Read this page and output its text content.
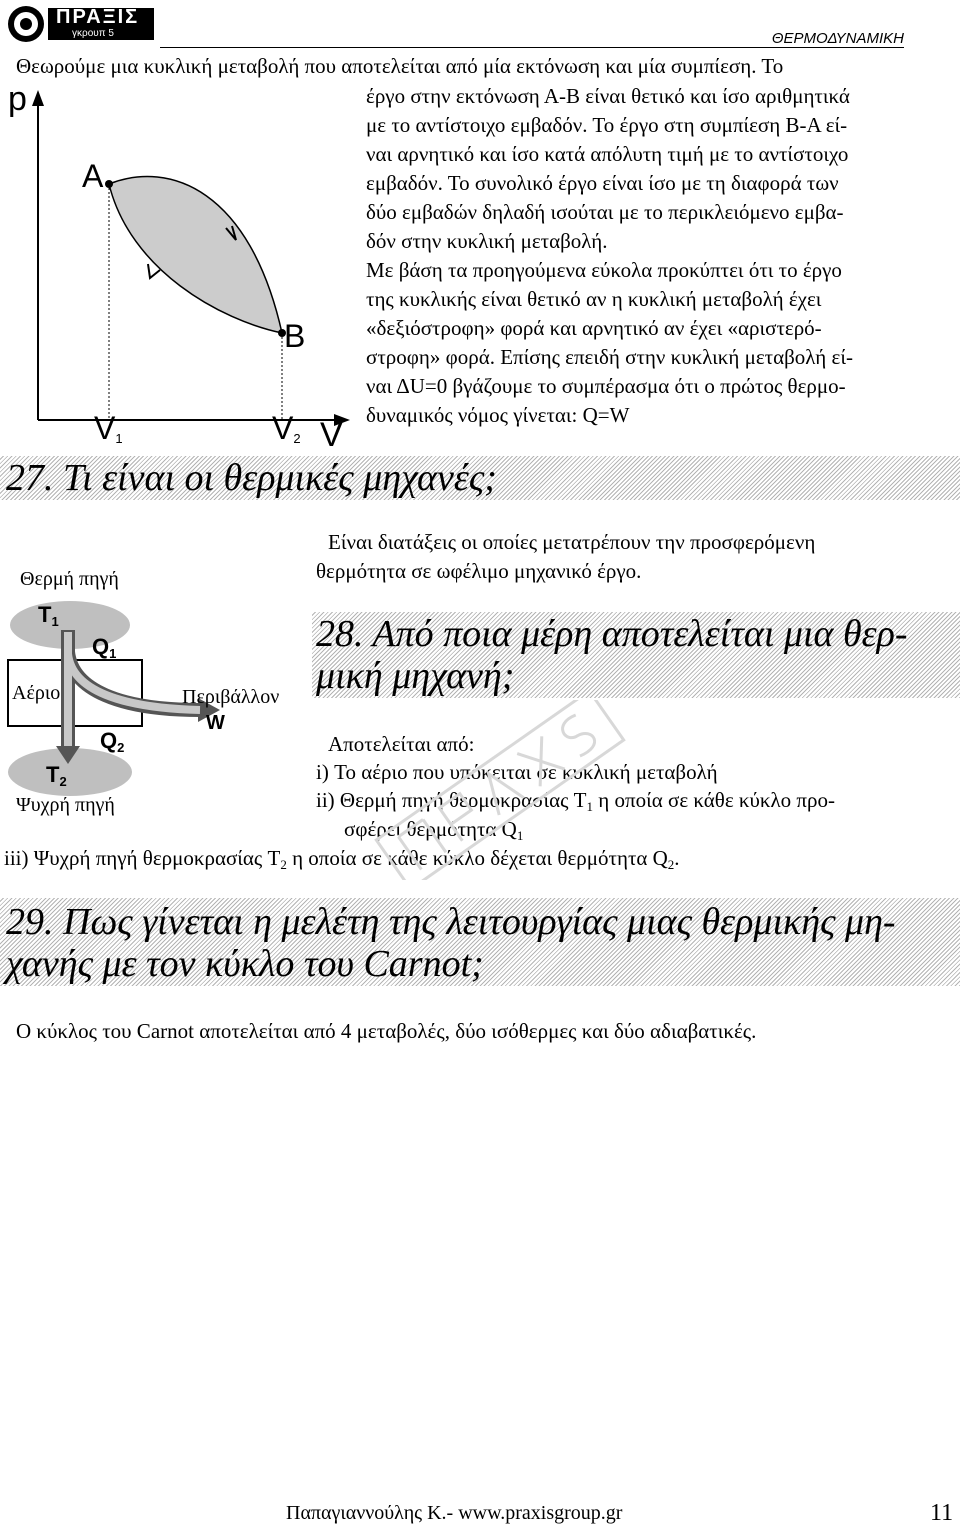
ΠΡΑΞΙΣ
γκρουπ 5	ΘΕΡΜΟΔΥΝΑΜΙΚΗ
Θεωρούμε μια κυκλική μεταβολή που αποτελείται από μία εκτόνωση και μία συμπίεση. Το
έργο στην εκτόνωση Α-Β είναι θετικό και ίσο αριθμητικά
με το αντίστοιχο εμβαδόν. Το έργο στη συμπίεση Β-Α εί-
ναι αρνητικό και ίσο κατά απόλυτη τιμή με το αντίστοιχο
εμβαδόν. Το συνολικό έργο είναι ίσο με τη διαφορά των
δύο εμβαδών δηλαδή ισούται με το περικλειόμενο εμβα-
δόν στην κυκλική μεταβολή.
Με βάση τα προηγούμενα εύκολα προκύπτει ότι το έργο
της κυκλικής είναι θετικό αν η κυκλική μεταβολή έχει
«δεξιόστροφη» φορά και αρνητικό αν έχει «αριστερό-
στροφη» φορά. Επίσης επειδή στην κυκλική μεταβολή εί-
ναι ΔU=0 βγάζουμε το συμπέρασμα ότι ο πρώτος θερμο-
δυναμικός νόμος γίνεται: Q=W
p
A
B
$V_1$	$V_2$ V
27. Τι είναι οι θερμικές μηχανές;
Είναι διατάξεις οι οποίες μετατρέπουν την προσφερόμενη
θερμότητα σε ωφέλιμο μηχανικό έργο.
Θερμή πηγή
$T_1$
$Q_1$
Αέριο	Περιβάλλον
W
$Q_2$
$T_2$
Ψυχρή πηγή
28. Από ποια μέρη αποτελείται μια θερ-
μική μηχανή;
Αποτελείται από:
i) Το αέριο που υπόκειται σε κυκλική μεταβολή
ii) Θερμή πηγή θερμοκρασίας $T_1$ η οποία σε κάθε κύκλο προ-
σφέρει θερμότητα $Q_1$
iii) Ψυχρή πηγή θερμοκρασίας $T_2$ η οποία σε κάθε κύκλο δέχεται θερμότητα $Q_2$.
29. Πως γίνεται η μελέτη της λειτουργίας μιας θερμικής μη-
χανής με τον κύκλο του Carnot;
Ο κύκλος του Carnot αποτελείται από 4 μεταβολές, δύο ισόθερμες και δύο αδιαβατικές.
Παπαγιαννούλης Κ.- www.praxisgroup.gr	11
